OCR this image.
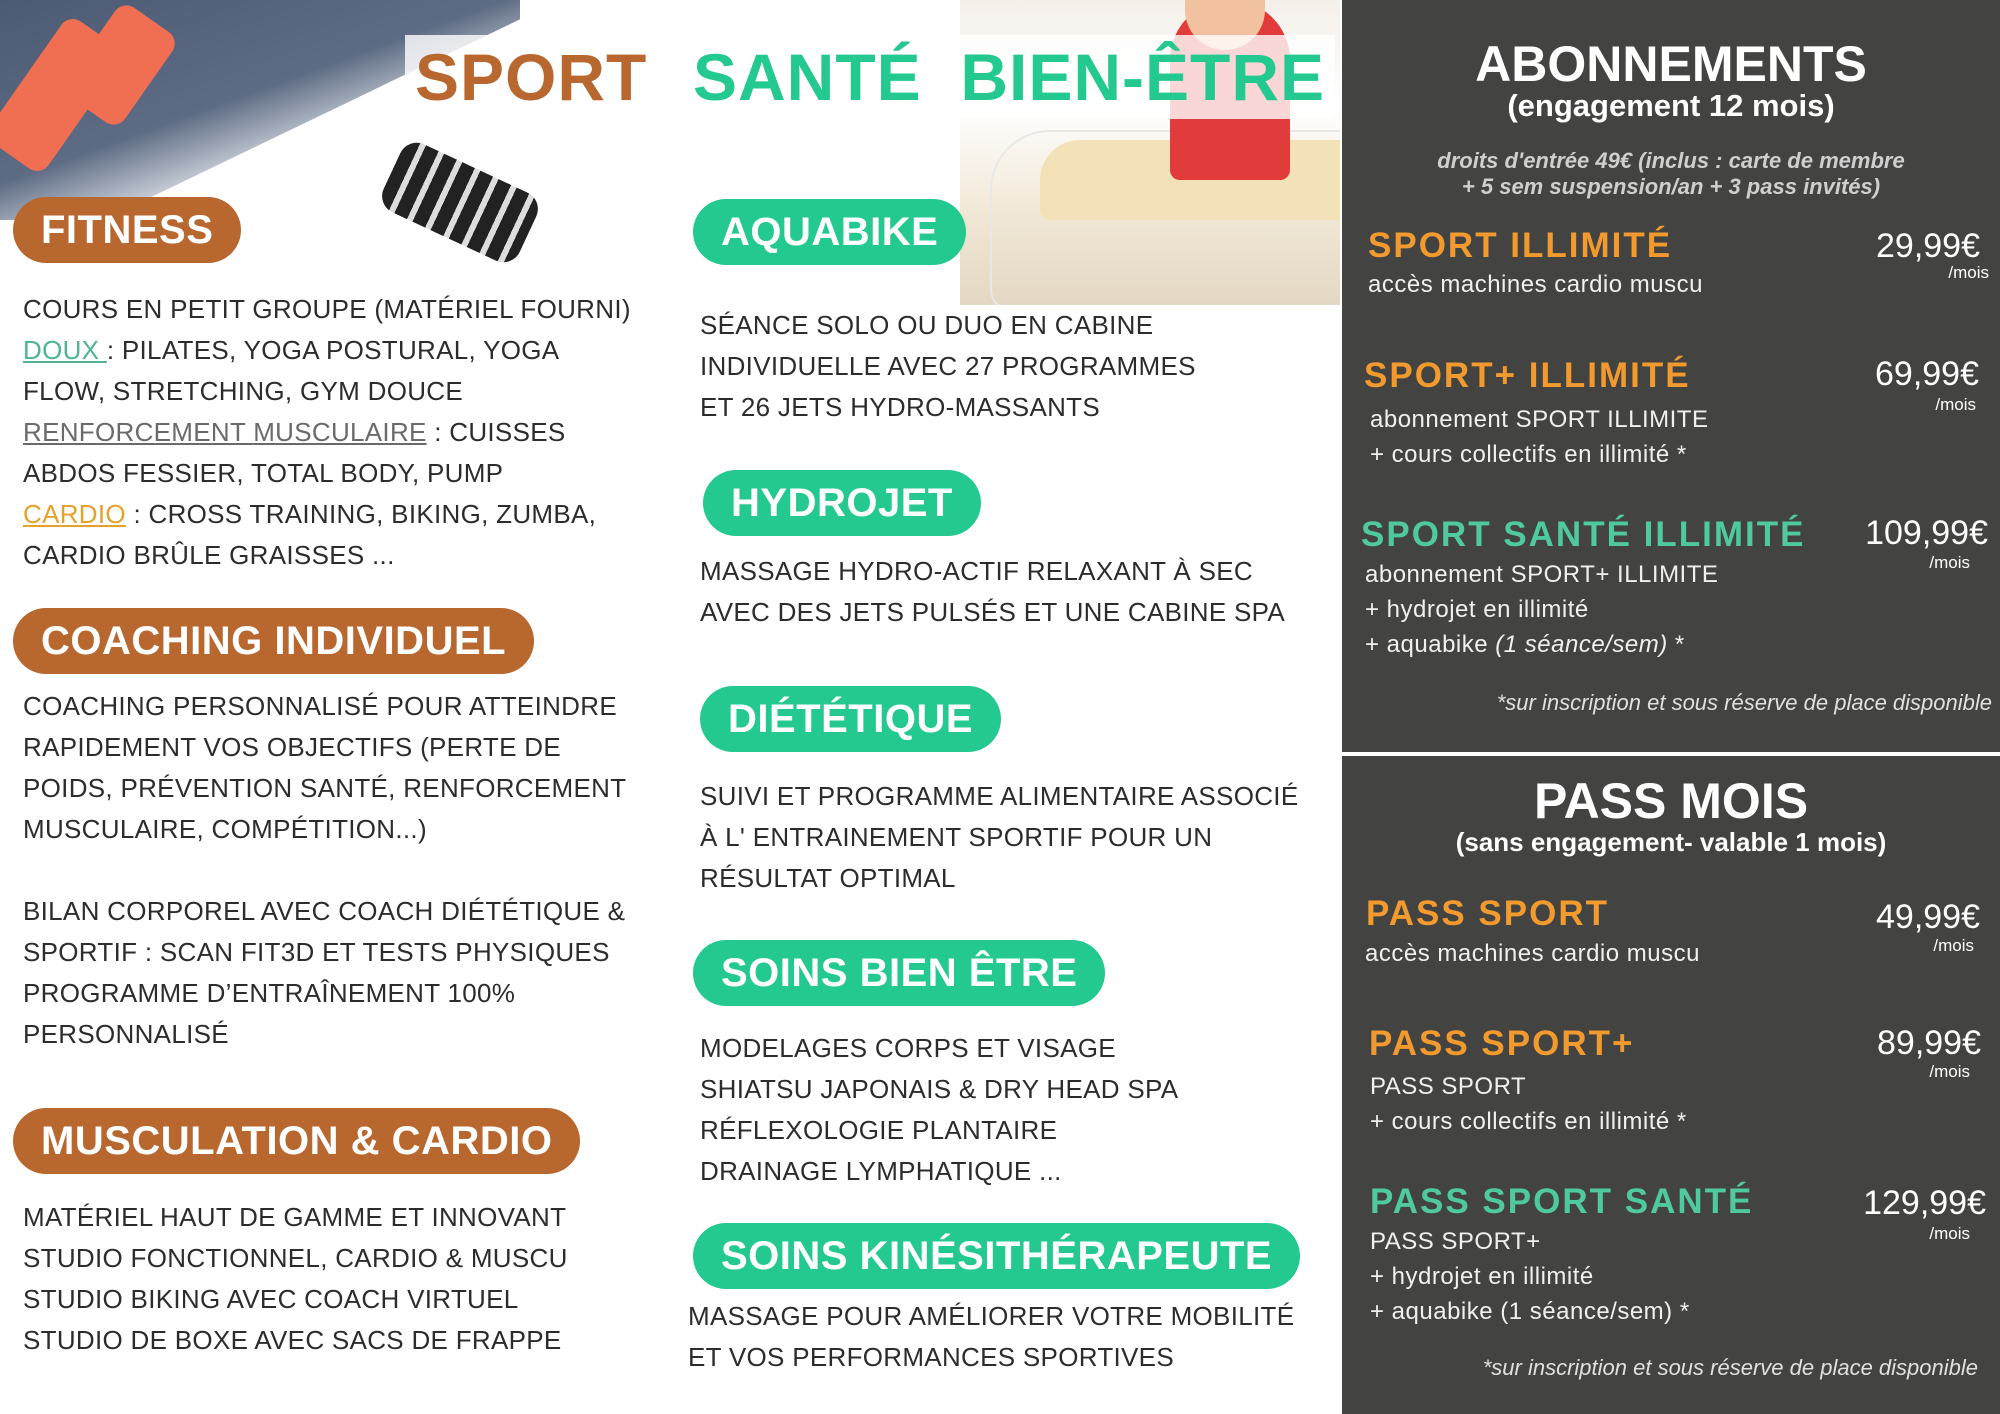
SPORT SANTÉ  BIEN-ÊTRE
FITNESS
COURS EN PETIT GROUPE (MATÉRIEL FOURNI)
DOUX : PILATES, YOGA POSTURAL, YOGA
FLOW, STRETCHING, GYM DOUCE
RENFORCEMENT MUSCULAIRE : CUISSES
ABDOS FESSIER, TOTAL BODY, PUMP
CARDIO : CROSS TRAINING, BIKING, ZUMBA,
CARDIO BRÛLE GRAISSES ...
COACHING INDIVIDUEL
COACHING PERSONNALISÉ POUR ATTEINDRE
RAPIDEMENT VOS OBJECTIFS (PERTE DE
POIDS, PRÉVENTION SANTÉ, RENFORCEMENT
MUSCULAIRE, COMPÉTITION...)
BILAN CORPOREL AVEC COACH DIÉTÉTIQUE &
SPORTIF : SCAN FIT3D ET TESTS PHYSIQUES
PROGRAMME D’ENTRAÎNEMENT 100%
PERSONNALISÉ
MUSCULATION & CARDIO
MATÉRIEL HAUT DE GAMME ET INNOVANT
STUDIO FONCTIONNEL, CARDIO & MUSCU
STUDIO BIKING AVEC COACH VIRTUEL
STUDIO DE BOXE AVEC SACS DE FRAPPE
AQUABIKE
SÉANCE SOLO OU DUO EN CABINE
INDIVIDUELLE AVEC 27 PROGRAMMES
ET 26 JETS HYDRO-MASSANTS
HYDROJET
MASSAGE HYDRO-ACTIF RELAXANT À SEC
AVEC DES JETS PULSÉS ET UNE CABINE SPA
DIÉTÉTIQUE
SUIVI ET PROGRAMME ALIMENTAIRE ASSOCIÉ
À L' ENTRAINEMENT SPORTIF POUR UN
RÉSULTAT OPTIMAL
SOINS BIEN ÊTRE
MODELAGES CORPS ET VISAGE
SHIATSU JAPONAIS & DRY HEAD SPA
RÉFLEXOLOGIE PLANTAIRE
DRAINAGE LYMPHATIQUE ...
SOINS KINÉSITHÉRAPEUTE
MASSAGE POUR AMÉLIORER VOTRE MOBILITÉ
ET VOS PERFORMANCES SPORTIVES
ABONNEMENTS
(engagement 12 mois)
droits d'entrée 49€ (inclus : carte de membre
+ 5 sem suspension/an + 3 pass invités)
SPORT ILLIMITÉ
accès machines cardio muscu
29,99€
/mois
SPORT+ ILLIMITÉ
abonnement SPORT ILLIMITE
+ cours collectifs en illimité *
69,99€
/mois
SPORT SANTÉ ILLIMITÉ
abonnement SPORT+ ILLIMITE
+ hydrojet en illimité
+ aquabike (1 séance/sem) *
109,99€
/mois
*sur inscription et sous réserve de place disponible
PASS MOIS
(sans engagement- valable 1 mois)
PASS SPORT
accès machines cardio muscu
49,99€
/mois
PASS SPORT+
PASS SPORT
+ cours collectifs en illimité *
89,99€
/mois
PASS SPORT SANTÉ
PASS SPORT+
+ hydrojet en illimité
+ aquabike (1 séance/sem) *
129,99€
/mois
*sur inscription et sous réserve de place disponible
